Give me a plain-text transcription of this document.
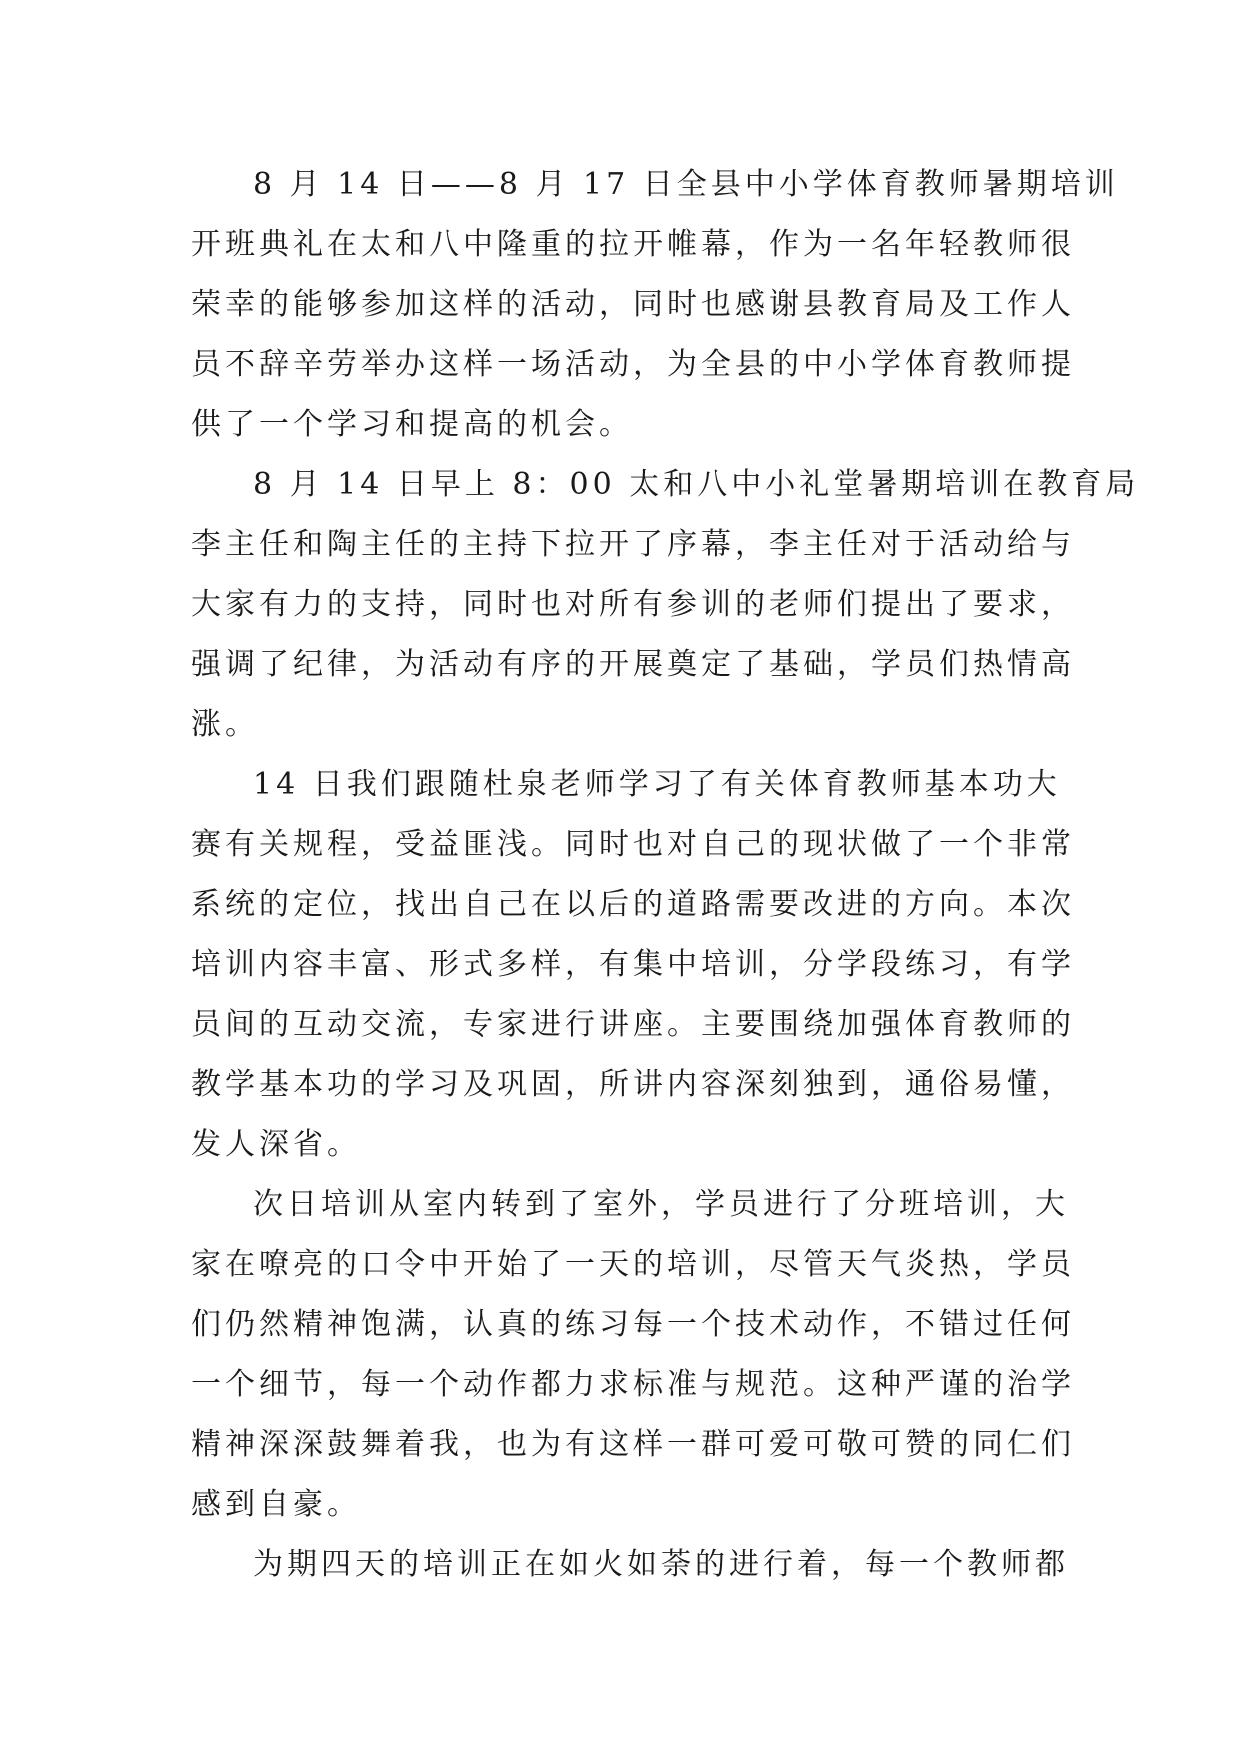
8 月 14 日——8 月 17 日全县中小学体育教师暑期培训
开班典礼在太和八中隆重的拉开帷幕，作为一名年轻教师很
荣幸的能够参加这样的活动，同时也感谢县教育局及工作人
员不辞辛劳举办这样一场活动，为全县的中小学体育教师提
供了一个学习和提高的机会。
8 月 14 日早上 8：00 太和八中小礼堂暑期培训在教育局
李主任和陶主任的主持下拉开了序幕，李主任对于活动给与
大家有力的支持，同时也对所有参训的老师们提出了要求，
强调了纪律，为活动有序的开展奠定了基础，学员们热情高
涨。
14 日我们跟随杜泉老师学习了有关体育教师基本功大
赛有关规程，受益匪浅。同时也对自己的现状做了一个非常
系统的定位，找出自己在以后的道路需要改进的方向。本次
培训内容丰富、形式多样，有集中培训，分学段练习，有学
员间的互动交流，专家进行讲座。主要围绕加强体育教师的
教学基本功的学习及巩固，所讲内容深刻独到，通俗易懂，
发人深省。
次日培训从室内转到了室外，学员进行了分班培训，大
家在嘹亮的口令中开始了一天的培训，尽管天气炎热，学员
们仍然精神饱满，认真的练习每一个技术动作，不错过任何
一个细节，每一个动作都力求标准与规范。这种严谨的治学
精神深深鼓舞着我，也为有这样一群可爱可敬可赞的同仁们
感到自豪。
为期四天的培训正在如火如荼的进行着，每一个教师都
